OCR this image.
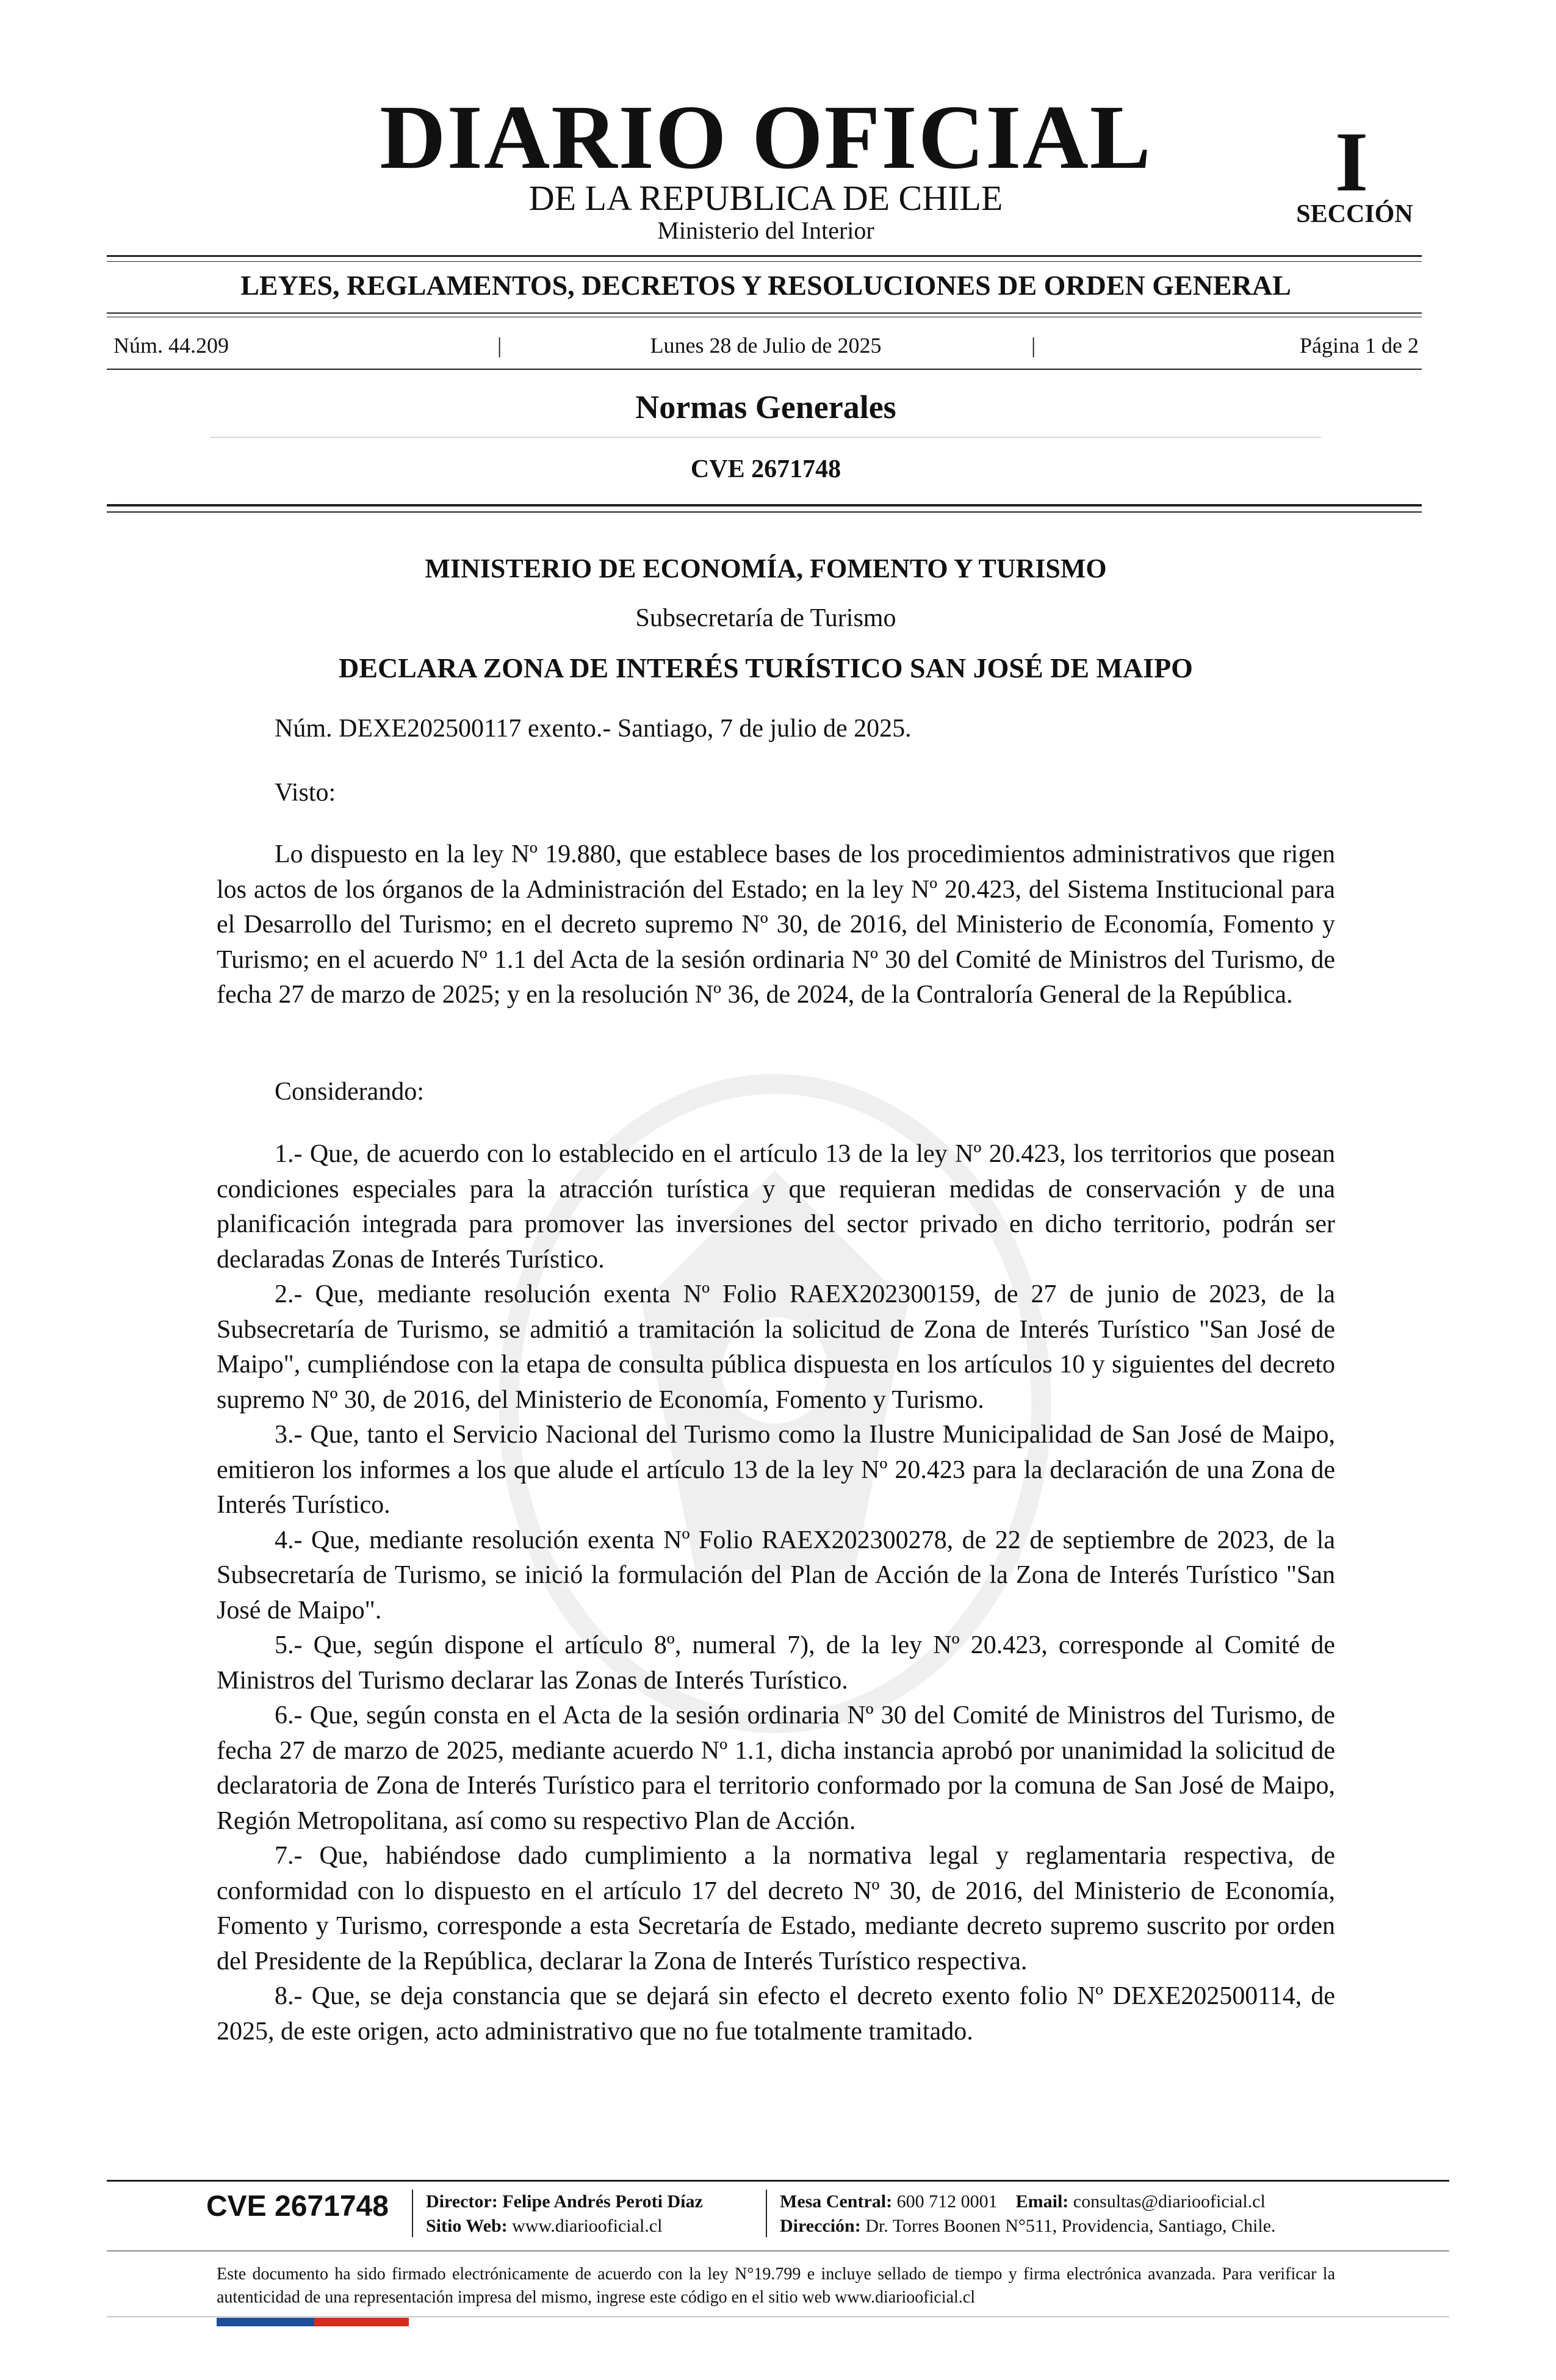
DIARIO OFICIAL
DE LA REPUBLICA DE CHILE
Ministerio del Interior
I
SECCIÓN
LEYES, REGLAMENTOS, DECRETOS Y RESOLUCIONES DE ORDEN GENERAL
Núm. 44.209	|	Lunes 28 de Julio de 2025	|	Página 1 de 2
Normas Generales
CVE 2671748
MINISTERIO DE ECONOMÍA, FOMENTO Y TURISMO
Subsecretaría de Turismo
DECLARA ZONA DE INTERÉS TURÍSTICO SAN JOSÉ DE MAIPO

Núm. DEXE202500117 exento.- Santiago, 7 de julio de 2025.

Visto:

Lo dispuesto en la ley Nº 19.880, que establece bases de los procedimientos administrativos que rigen los actos de los órganos de la Administración del Estado; en la ley Nº 20.423, del Sistema Institucional para el Desarrollo del Turismo; en el decreto supremo Nº 30, de 2016, del Ministerio de Economía, Fomento y Turismo; en el acuerdo Nº 1.1 del Acta de la sesión ordinaria Nº 30 del Comité de Ministros del Turismo, de fecha 27 de marzo de 2025; y en la resolución Nº 36, de 2024, de la Contraloría General de la República.

Considerando:

1.- Que, de acuerdo con lo establecido en el artículo 13 de la ley Nº 20.423, los territorios que posean condiciones especiales para la atracción turística y que requieran medidas de conservación y de una planificación integrada para promover las inversiones del sector privado en dicho territorio, podrán ser declaradas Zonas de Interés Turístico.

2.- Que, mediante resolución exenta Nº Folio RAEX202300159, de 27 de junio de 2023, de la Subsecretaría de Turismo, se admitió a tramitación la solicitud de Zona de Interés Turístico "San José de Maipo", cumpliéndose con la etapa de consulta pública dispuesta en los artículos 10 y siguientes del decreto supremo Nº 30, de 2016, del Ministerio de Economía, Fomento y Turismo.

3.- Que, tanto el Servicio Nacional del Turismo como la Ilustre Municipalidad de San José de Maipo, emitieron los informes a los que alude el artículo 13 de la ley Nº 20.423 para la declaración de una Zona de Interés Turístico.

4.- Que, mediante resolución exenta Nº Folio RAEX202300278, de 22 de septiembre de 2023, de la Subsecretaría de Turismo, se inició la formulación del Plan de Acción de la Zona de Interés Turístico "San José de Maipo".

5.- Que, según dispone el artículo 8º, numeral 7), de la ley Nº 20.423, corresponde al Comité de Ministros del Turismo declarar las Zonas de Interés Turístico.

6.- Que, según consta en el Acta de la sesión ordinaria Nº 30 del Comité de Ministros del Turismo, de fecha 27 de marzo de 2025, mediante acuerdo Nº 1.1, dicha instancia aprobó por unanimidad la solicitud de declaratoria de Zona de Interés Turístico para el territorio conformado por la comuna de San José de Maipo, Región Metropolitana, así como su respectivo Plan de Acción.

7.- Que, habiéndose dado cumplimiento a la normativa legal y reglamentaria respectiva, de conformidad con lo dispuesto en el artículo 17 del decreto Nº 30, de 2016, del Ministerio de Economía, Fomento y Turismo, corresponde a esta Secretaría de Estado, mediante decreto supremo suscrito por orden del Presidente de la República, declarar la Zona de Interés Turístico respectiva.

8.- Que, se deja constancia que se dejará sin efecto el decreto exento folio Nº DEXE202500114, de 2025, de este origen, acto administrativo que no fue totalmente tramitado.

CVE 2671748 Director: Felipe Andrés Peroti Díaz
Sitio Web: www.diariooficial.cl
Mesa Central: 600 712 0001 Email: consultas@diariooficial.cl
Dirección: Dr. Torres Boonen N°511, Providencia, Santiago, Chile.

Este documento ha sido firmado electrónicamente de acuerdo con la ley N°19.799 e incluye sellado de tiempo y firma electrónica avanzada. Para verificar la autenticidad de una representación impresa del mismo, ingrese este código en el sitio web www.diariooficial.cl
